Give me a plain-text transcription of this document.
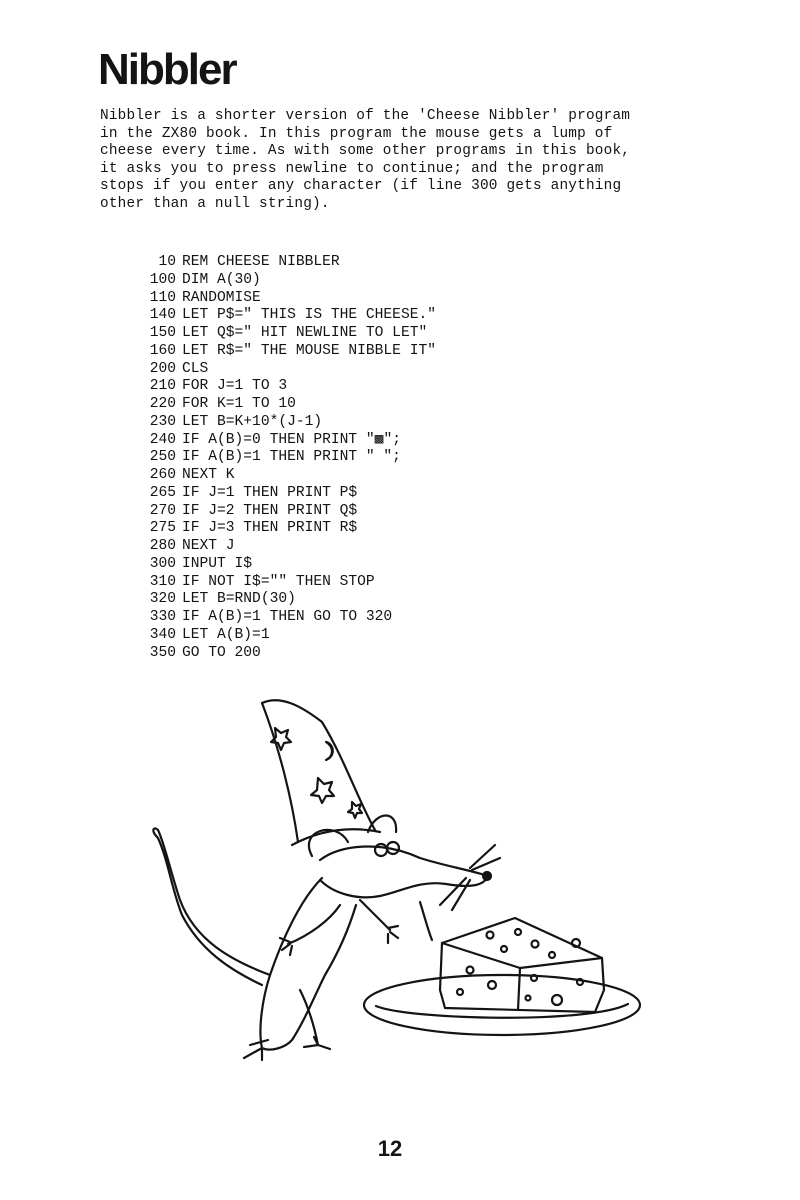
Nibbler
Nibbler is a shorter version of the 'Cheese Nibbler' program
in the ZX80 book. In this program the mouse gets a lump of
cheese every time. As with some other programs in this book,
it asks you to press newline to continue; and the program
stops if you enter any character (if line 300 gets anything
other than a null string).
10 REM CHEESE NIBBLER
100 DIM A(30)
110 RANDOMISE
140 LET P$=" THIS IS THE CHEESE."
150 LET Q$=" HIT NEWLINE TO LET"
160 LET R$=" THE MOUSE NIBBLE IT"
200 CLS
210 FOR J=1 TO 3
220 FOR K=1 TO 10
230 LET B=K+10*(J-1)
240 IF A(B)=0 THEN PRINT "▩";
250 IF A(B)=1 THEN PRINT " ";
260 NEXT K
265 IF J=1 THEN PRINT P$
270 IF J=2 THEN PRINT Q$
275 IF J=3 THEN PRINT R$
280 NEXT J
300 INPUT I$
310 IF NOT I$="" THEN STOP
320 LET B=RND(30)
330 IF A(B)=1 THEN GO TO 320
340 LET A(B)=1
350 GO TO 200
12
